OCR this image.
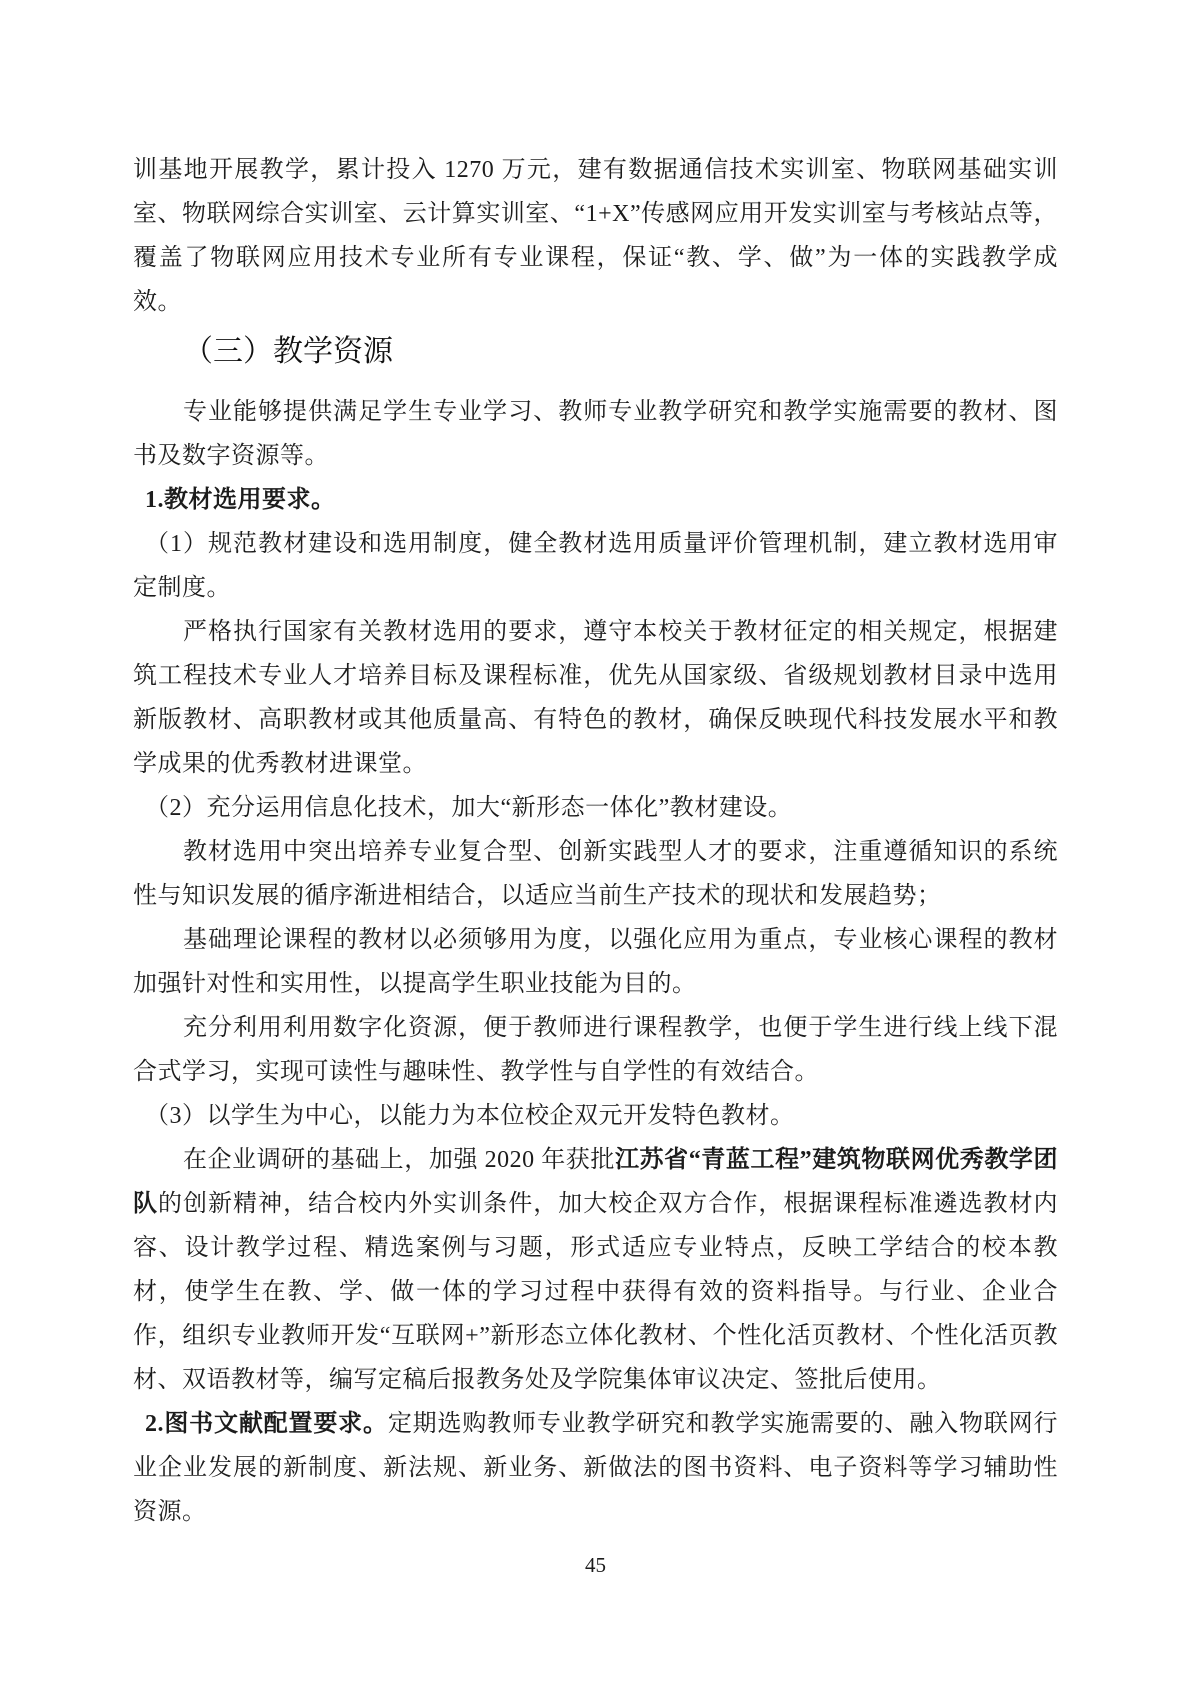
训基地开展教学，累计投入 1270 万元，建有数据通信技术实训室、物联网基础实训室、物联网综合实训室、云计算实训室、“1+X”传感网应用开发实训室与考核站点等，覆盖了物联网应用技术专业所有专业课程，保证“教、学、做”为一体的实践教学成效。

（三）教学资源

专业能够提供满足学生专业学习、教师专业教学研究和教学实施需要的教材、图书及数字资源等。

1.教材选用要求。

（1）规范教材建设和选用制度，健全教材选用质量评价管理机制，建立教材选用审定制度。

严格执行国家有关教材选用的要求，遵守本校关于教材征定的相关规定，根据建筑工程技术专业人才培养目标及课程标准，优先从国家级、省级规划教材目录中选用新版教材、高职教材或其他质量高、有特色的教材，确保反映现代科技发展水平和教学成果的优秀教材进课堂。

（2）充分运用信息化技术，加大“新形态一体化”教材建设。

教材选用中突出培养专业复合型、创新实践型人才的要求，注重遵循知识的系统性与知识发展的循序渐进相结合，以适应当前生产技术的现状和发展趋势；

基础理论课程的教材以必须够用为度，以强化应用为重点，专业核心课程的教材加强针对性和实用性，以提高学生职业技能为目的。

充分利用利用数字化资源，便于教师进行课程教学，也便于学生进行线上线下混合式学习，实现可读性与趣味性、教学性与自学性的有效结合。

（3）以学生为中心，以能力为本位校企双元开发特色教材。

在企业调研的基础上，加强 2020 年获批江苏省“青蓝工程”建筑物联网优秀教学团队的创新精神，结合校内外实训条件，加大校企双方合作，根据课程标准遴选教材内容、设计教学过程、精选案例与习题，形式适应专业特点，反映工学结合的校本教材，使学生在教、学、做一体的学习过程中获得有效的资料指导。与行业、企业合作，组织专业教师开发“互联网+”新形态立体化教材、个性化活页教材、个性化活页教材、双语教材等，编写定稿后报教务处及学院集体审议决定、签批后使用。

2.图书文献配置要求。定期选购教师专业教学研究和教学实施需要的、融入物联网行业企业发展的新制度、新法规、新业务、新做法的图书资料、电子资料等学习辅助性资源。

45
